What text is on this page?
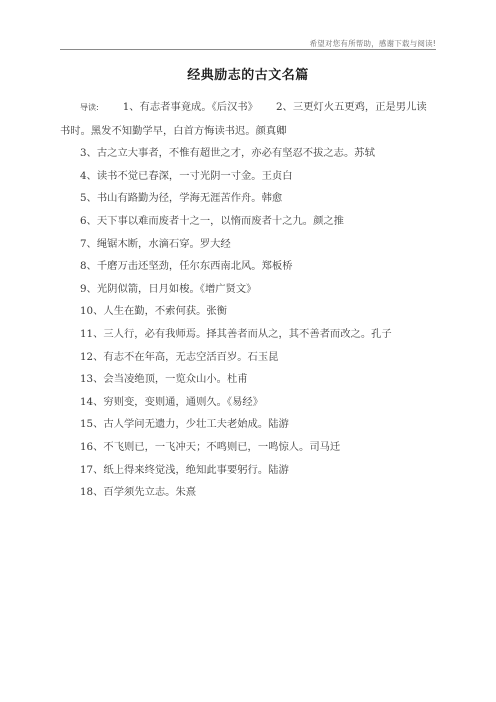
希望对您有所帮助，感谢下载与阅读!
经典励志的古文名篇

导读: 1、有志者事竟成。《后汉书》 2、三更灯火五更鸡，正是男儿读书时。黑发不知勤学早，白首方悔读书迟。颜真卿

3、古之立大事者，不惟有超世之才，亦必有坚忍不拔之志。苏轼

4、读书不觉已春深，一寸光阴一寸金。王贞白

5、书山有路勤为径，学海无涯苦作舟。韩愈

6、天下事以难而废者十之一，以惰而废者十之九。颜之推

7、绳锯木断，水滴石穿。罗大经

8、千磨万击还坚劲，任尔东西南北风。郑板桥

9、光阴似箭，日月如梭。《增广贤文》

10、人生在勤，不索何获。张衡

11、三人行，必有我师焉。择其善者而从之，其不善者而改之。孔子

12、有志不在年高，无志空活百岁。石玉昆

13、会当凌绝顶，一览众山小。杜甫

14、穷则变，变则通，通则久。《易经》

15、古人学问无遗力，少壮工夫老始成。陆游

16、不飞则已，一飞冲天；不鸣则已，一鸣惊人。司马迁

17、纸上得来终觉浅，绝知此事要躬行。陆游

18、百学须先立志。朱熹
